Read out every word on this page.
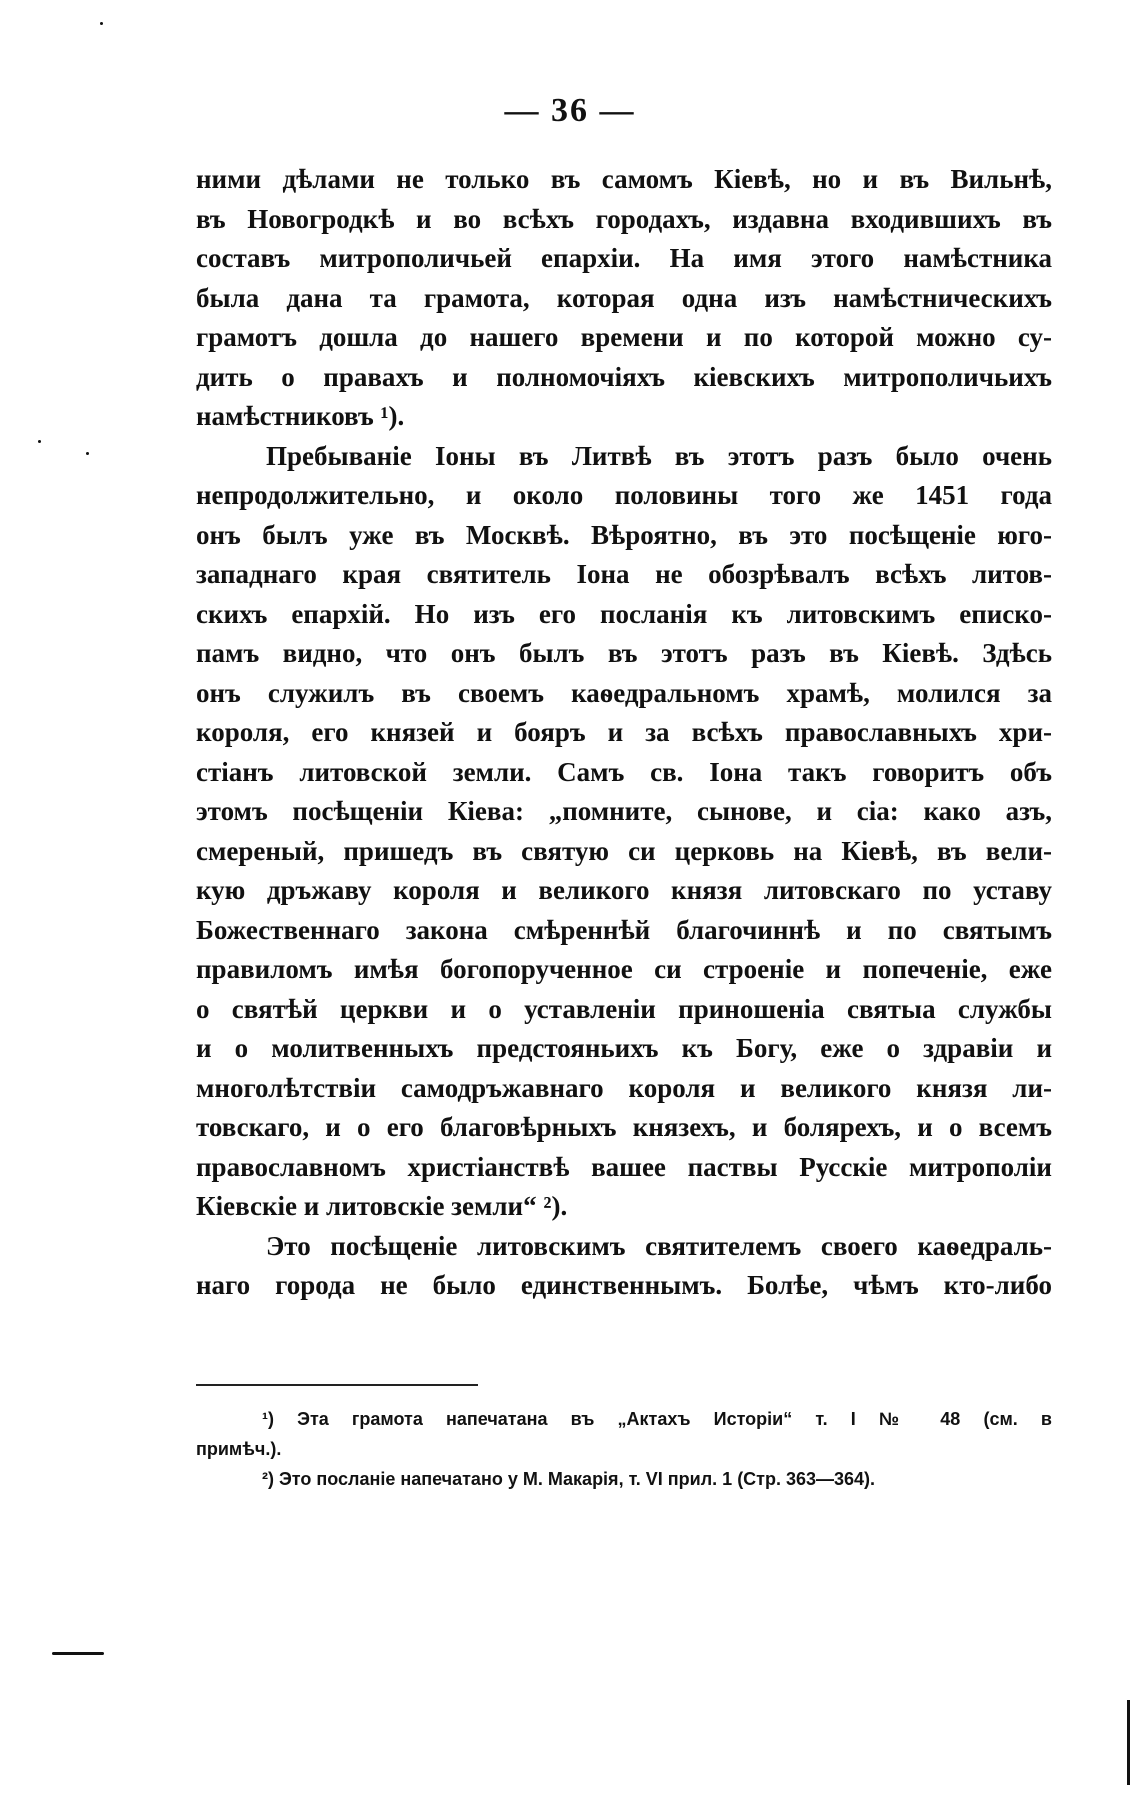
— 36 —
ними дѣлами не только въ самомъ Кіевѣ, но и въ Вильнѣ,
въ Новогродкѣ и во всѣхъ городахъ, издавна входившихъ въ
составъ митрополичьей епархіи. На имя этого намѣстника
была дана та грамота, которая одна изъ намѣстническихъ
грамотъ дошла до нашего времени и по которой можно су-
дить о правахъ и полномочіяхъ кіевскихъ митрополичьихъ
намѣстниковъ ¹).
Пребываніе Іоны въ Литвѣ въ этотъ разъ было очень
непродолжительно, и около половины того же 1451 года
онъ былъ уже въ Москвѣ. Вѣроятно, въ это посѣщеніе юго-
западнаго края святитель Іона не обозрѣвалъ всѣхъ литов-
скихъ епархій. Но изъ его посланія къ литовскимъ еписко-
памъ видно, что онъ былъ въ этотъ разъ въ Кіевѣ. Здѣсь
онъ служилъ въ своемъ каѳедральномъ храмѣ, молился за
короля, его князей и бояръ и за всѣхъ православныхъ хри-
стіанъ литовской земли. Самъ св. Іона такъ говоритъ объ
этомъ посѣщеніи Кіева: „помните, сынове, и сіа: како азъ,
смереный, пришедъ въ святую си церковь на Кіевѣ, въ вели-
кую дръжаву короля и великого князя литовскаго по уставу
Божественнаго закона смѣреннѣй благочиннѣ и по святымъ
правиломъ имѣя богопорученное си строеніе и попеченіе, еже
о святѣй церкви и о уставленіи приношеніа святыа службы
и о молитвенныхъ предстояньихъ къ Богу, еже о здравіи и
многолѣтствіи самодръжавнаго короля и великого князя ли-
товскаго, и о его благовѣрныхъ князехъ, и болярехъ, и о всемъ
православномъ христіанствѣ вашее паствы Русскіе митрополіи
Кіевскіе и литовскіе земли“ ²).
Это посѣщеніе литовскимъ святителемъ своего каѳедраль-
наго города не было единственнымъ. Болѣе, чѣмъ кто-либо
¹) Эта грамота напечатана въ „Актахъ Исторiи“ т. I № 48 (см. в
примѣч.).
²) Это посланіе напечатано у М. Макарія, т. VI прил. 1 (Стр. 363—364).
